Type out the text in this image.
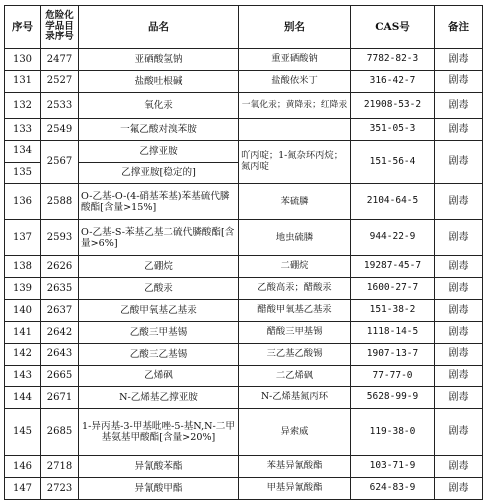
序号	危险化学品目录序号	品名	别名	CAS号	备注
130	2477	亚硒酸氢钠	重亚硒酸钠	7782-82-3	剧毒
131	2527	盐酸吐根碱	盐酸依米丁	316-42-7	剧毒
132	2533	氧化汞	一氧化汞；黄降汞；红降汞	21908-53-2	剧毒
133	2549	一氟乙酸对溴苯胺		351-05-3	剧毒
134	2567	乙撑亚胺	吖丙啶；1-氮杂环丙烷；氮丙啶	151-56-4	剧毒
135		乙撑亚胺[稳定的]			
136	2588	O-乙基-O-(4-硝基苯基)苯基硫代膦酸酯[含量>15%]	苯硫膦	2104-64-5	剧毒
137	2593	O-乙基-S-苯基乙基二硫代膦酸酯[含量>6%]	地虫硫膦	944-22-9	剧毒
138	2626	乙硼烷	二硼烷	19287-45-7	剧毒
139	2635	乙酸汞	乙酸高汞；醋酸汞	1600-27-7	剧毒
140	2637	乙酸甲氧基乙基汞	醋酸甲氧基乙基汞	151-38-2	剧毒
141	2642	乙酸三甲基锡	醋酸三甲基锡	1118-14-5	剧毒
142	2643	乙酸三乙基锡	三乙基乙酸锡	1907-13-7	剧毒
143	2665	乙烯砜	二乙烯砜	77-77-0	剧毒
144	2671	N-乙烯基乙撑亚胺	N-乙烯基氮丙环	5628-99-9	剧毒
145	2685	1-异丙基-3-甲基吡唑-5-基N,N-二甲基氨基甲酸酯[含量>20%]	异索威	119-38-0	剧毒
146	2718	异氰酸苯酯	苯基异氰酸酯	103-71-9	剧毒
147	2723	异氰酸甲酯	甲基异氰酸酯	624-83-9	剧毒
